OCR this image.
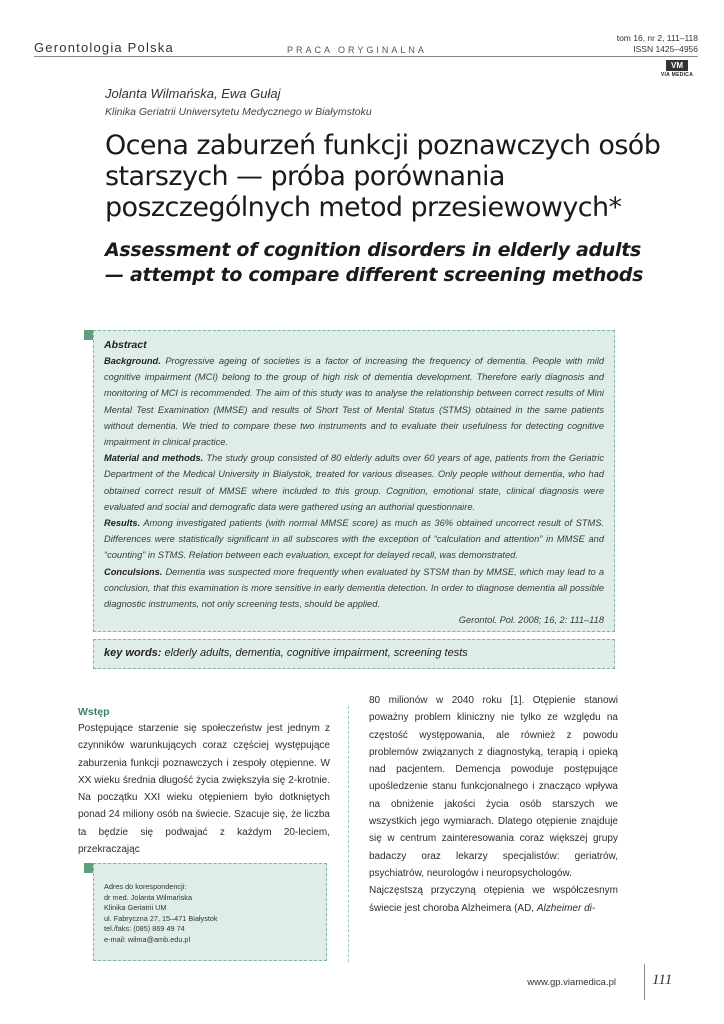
Gerontologia Polska	PRACA ORYGINALNA
tom 16, nr 2, 111–118
ISSN 1425–4956
VM
VIA MEDICA
Jolanta Wilmańska, Ewa Gułaj
Klinika Geriatrii Uniwersytetu Medycznego w Białymstoku
Ocena zaburzeń funkcji poznawczych osób starszych — próba porównania poszczególnych metod przesiewowych*
Assessment of cognition disorders in elderly adults — attempt to compare different screening methods
Abstract
Background. Progressive ageing of societies is a factor of increasing the frequency of dementia. People with mild cognitive impairment (MCI) belong to the group of high risk of dementia development. Therefore early diagnosis and monitoring of MCI is recommended. The aim of this study was to analyse the relationship between correct results of Mini Mental Test Examination (MMSE) and results of Short Test of Mental Status (STMS) obtained in the same patients without dementia. We tried to compare these two instruments and to evaluate their usefulness for detecting cognitive impairment in clinical practice.
Material and methods. The study group consisted of 80 elderly adults over 60 years of age, patients from the Geriatric Department of the Medical University in Bialystok, treated for various diseases. Only people without dementia, who had obtained correct result of MMSE where included to this group. Cognition, emotional state, clinical diagnosis were evaluated and social and demografic data were gathered using an authorial questionnaire.
Results. Among investigated patients (with normal MMSE score) as much as 36% obtained uncorrect result of STMS. Differences were statistically significant in all subscores with the exception of “calculation and attention” in MMSE and “counting” in STMS. Relation between each evaluation, except for delayed recall, was demonstrated.
Conculsions. Dementia was suspected more frequently when evaluated by STSM than by MMSE, which may lead to a conclusion, that this examination is more sensitive in early dementia detection. In order to diagnose dementia all possible diagnostic instruments, not only screening tests, should be applied.
Gerontol. Pol. 2008; 16, 2: 111–118
key words: elderly adults, dementia, cognitive impairment, screening tests
Wstęp
Postępujące starzenie się społeczeństw jest jednym z czynników warunkujących coraz częściej występujące zaburzenia funkcji poznawczych i zespoły otępienne. W XX wieku średnia długość życia zwiększyła się 2-krotnie. Na początku XXI wieku otępieniem było dotkniętych ponad 24 miliony osób na świecie. Szacuje się, że liczba ta będzie się podwajać z każdym 20-leciem, przekraczając
80 milionów w 2040 roku [1]. Otępienie stanowi poważny problem kliniczny nie tylko ze względu na częstość występowania, ale również z powodu problemów związanych z diagnostyką, terapią i opieką nad pacjentem. Demencja powoduje postępujące upośledzenie stanu funkcjonalnego i znacząco wpływa na obniżenie jakości życia osób starszych we wszystkich jego wymiarach. Dlatego otępienie znajduje się w centrum zainteresowania coraz większej grupy badaczy oraz lekarzy specjalistów: geriatrów, psychiatrów, neurologów i neuropsychologów.
Najczęstszą przyczyną otępienia we współczesnym świecie jest choroba Alzheimera (AD, Alzheimer di-
Adres do korespondencji:
dr med. Jolanta Wilmańska
Klinika Geriatrii UM
ul. Fabryczna 27, 15–471 Białystok
tel./faks: (085) 869 49 74
e-mail: wilma@amb.edu.pl
www.gp.viamedica.pl 111
